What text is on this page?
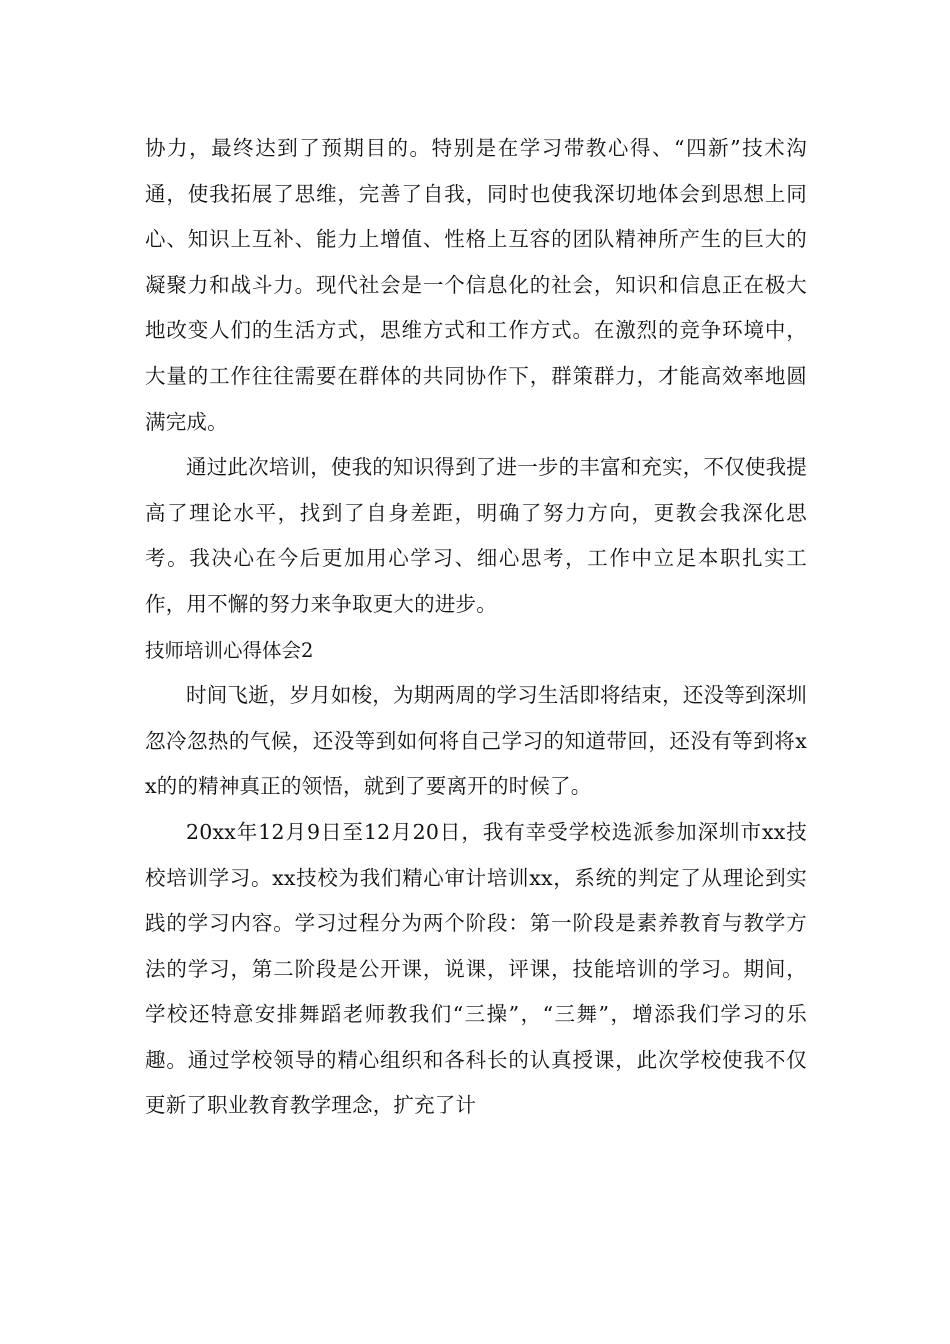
协力，最终达到了预期目的。特别是在学习带教心得、“四新”技术沟通，使我拓展了思维，完善了自我，同时也使我深切地体会到思想上同心、知识上互补、能力上增值、性格上互容的团队精神所产生的巨大的凝聚力和战斗力。现代社会是一个信息化的社会，知识和信息正在极大地改变人们的生活方式，思维方式和工作方式。在激烈的竞争环境中，大量的工作往往需要在群体的共同协作下，群策群力，才能高效率地圆满完成。

通过此次培训，使我的知识得到了进一步的丰富和充实，不仅使我提高了理论水平，找到了自身差距，明确了努力方向，更教会我深化思考。我决心在今后更加用心学习、细心思考，工作中立足本职扎实工作，用不懈的努力来争取更大的进步。

技师培训心得体会2

时间飞逝，岁月如梭，为期两周的学习生活即将结束，还没等到深圳忽冷忽热的气候，还没等到如何将自己学习的知道带回，还没有等到将xx的的精神真正的领悟，就到了要离开的时候了。

20xx年12月9日至12月20日，我有幸受学校选派参加深圳市xx技校培训学习。xx技校为我们精心审计培训xx，系统的判定了从理论到实践的学习内容。学习过程分为两个阶段：第一阶段是素养教育与教学方法的学习，第二阶段是公开课，说课，评课，技能培训的学习。期间，学校还特意安排舞蹈老师教我们“三操”，“三舞”，增添我们学习的乐趣。通过学校领导的精心组织和各科长的认真授课，此次学校使我不仅更新了职业教育教学理念，扩充了计
